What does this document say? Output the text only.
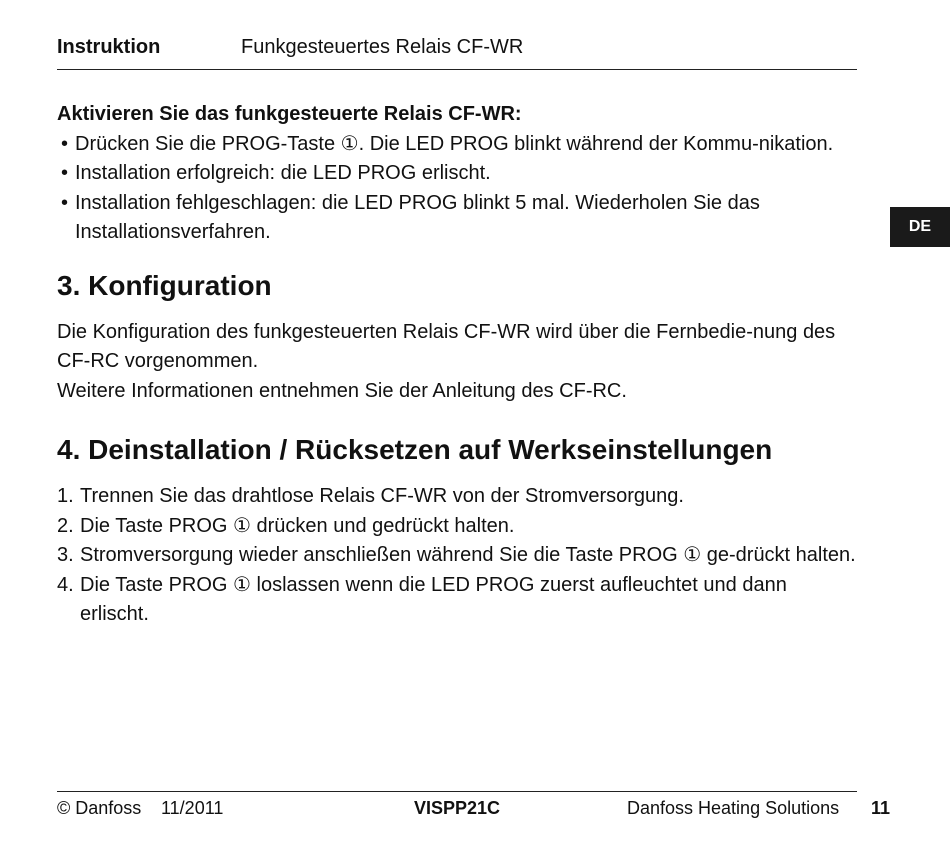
Instruktion	Funkgesteuertes Relais CF-WR
DE
Aktivieren Sie das funkgesteuerte Relais CF-WR:
• Drücken Sie die PROG-Taste ①. Die LED PROG blinkt während der Kommu-nikation.
• Installation erfolgreich: die LED PROG erlischt.
• Installation fehlgeschlagen: die LED PROG blinkt 5 mal. Wiederholen Sie das Installationsverfahren.
3. Konfiguration

Die Konfiguration des funkgesteuerten Relais CF-WR wird über die Fernbedie-nung des CF-RC vorgenommen.

Weitere Informationen entnehmen Sie der Anleitung des CF-RC.

4. Deinstallation / Rücksetzen auf Werkseinstellungen
1. Trennen Sie das drahtlose Relais CF-WR von der Stromversorgung.
2. Die Taste PROG ① drücken und gedrückt halten.
3. Stromversorgung wieder anschließen während Sie die Taste PROG ① ge-drückt halten.
4. Die Taste PROG ① loslassen wenn die LED PROG zuerst aufleuchtet und dann erlischt.
© Danfoss 11/2011	VISPP21C	Danfoss Heating Solutions 11
